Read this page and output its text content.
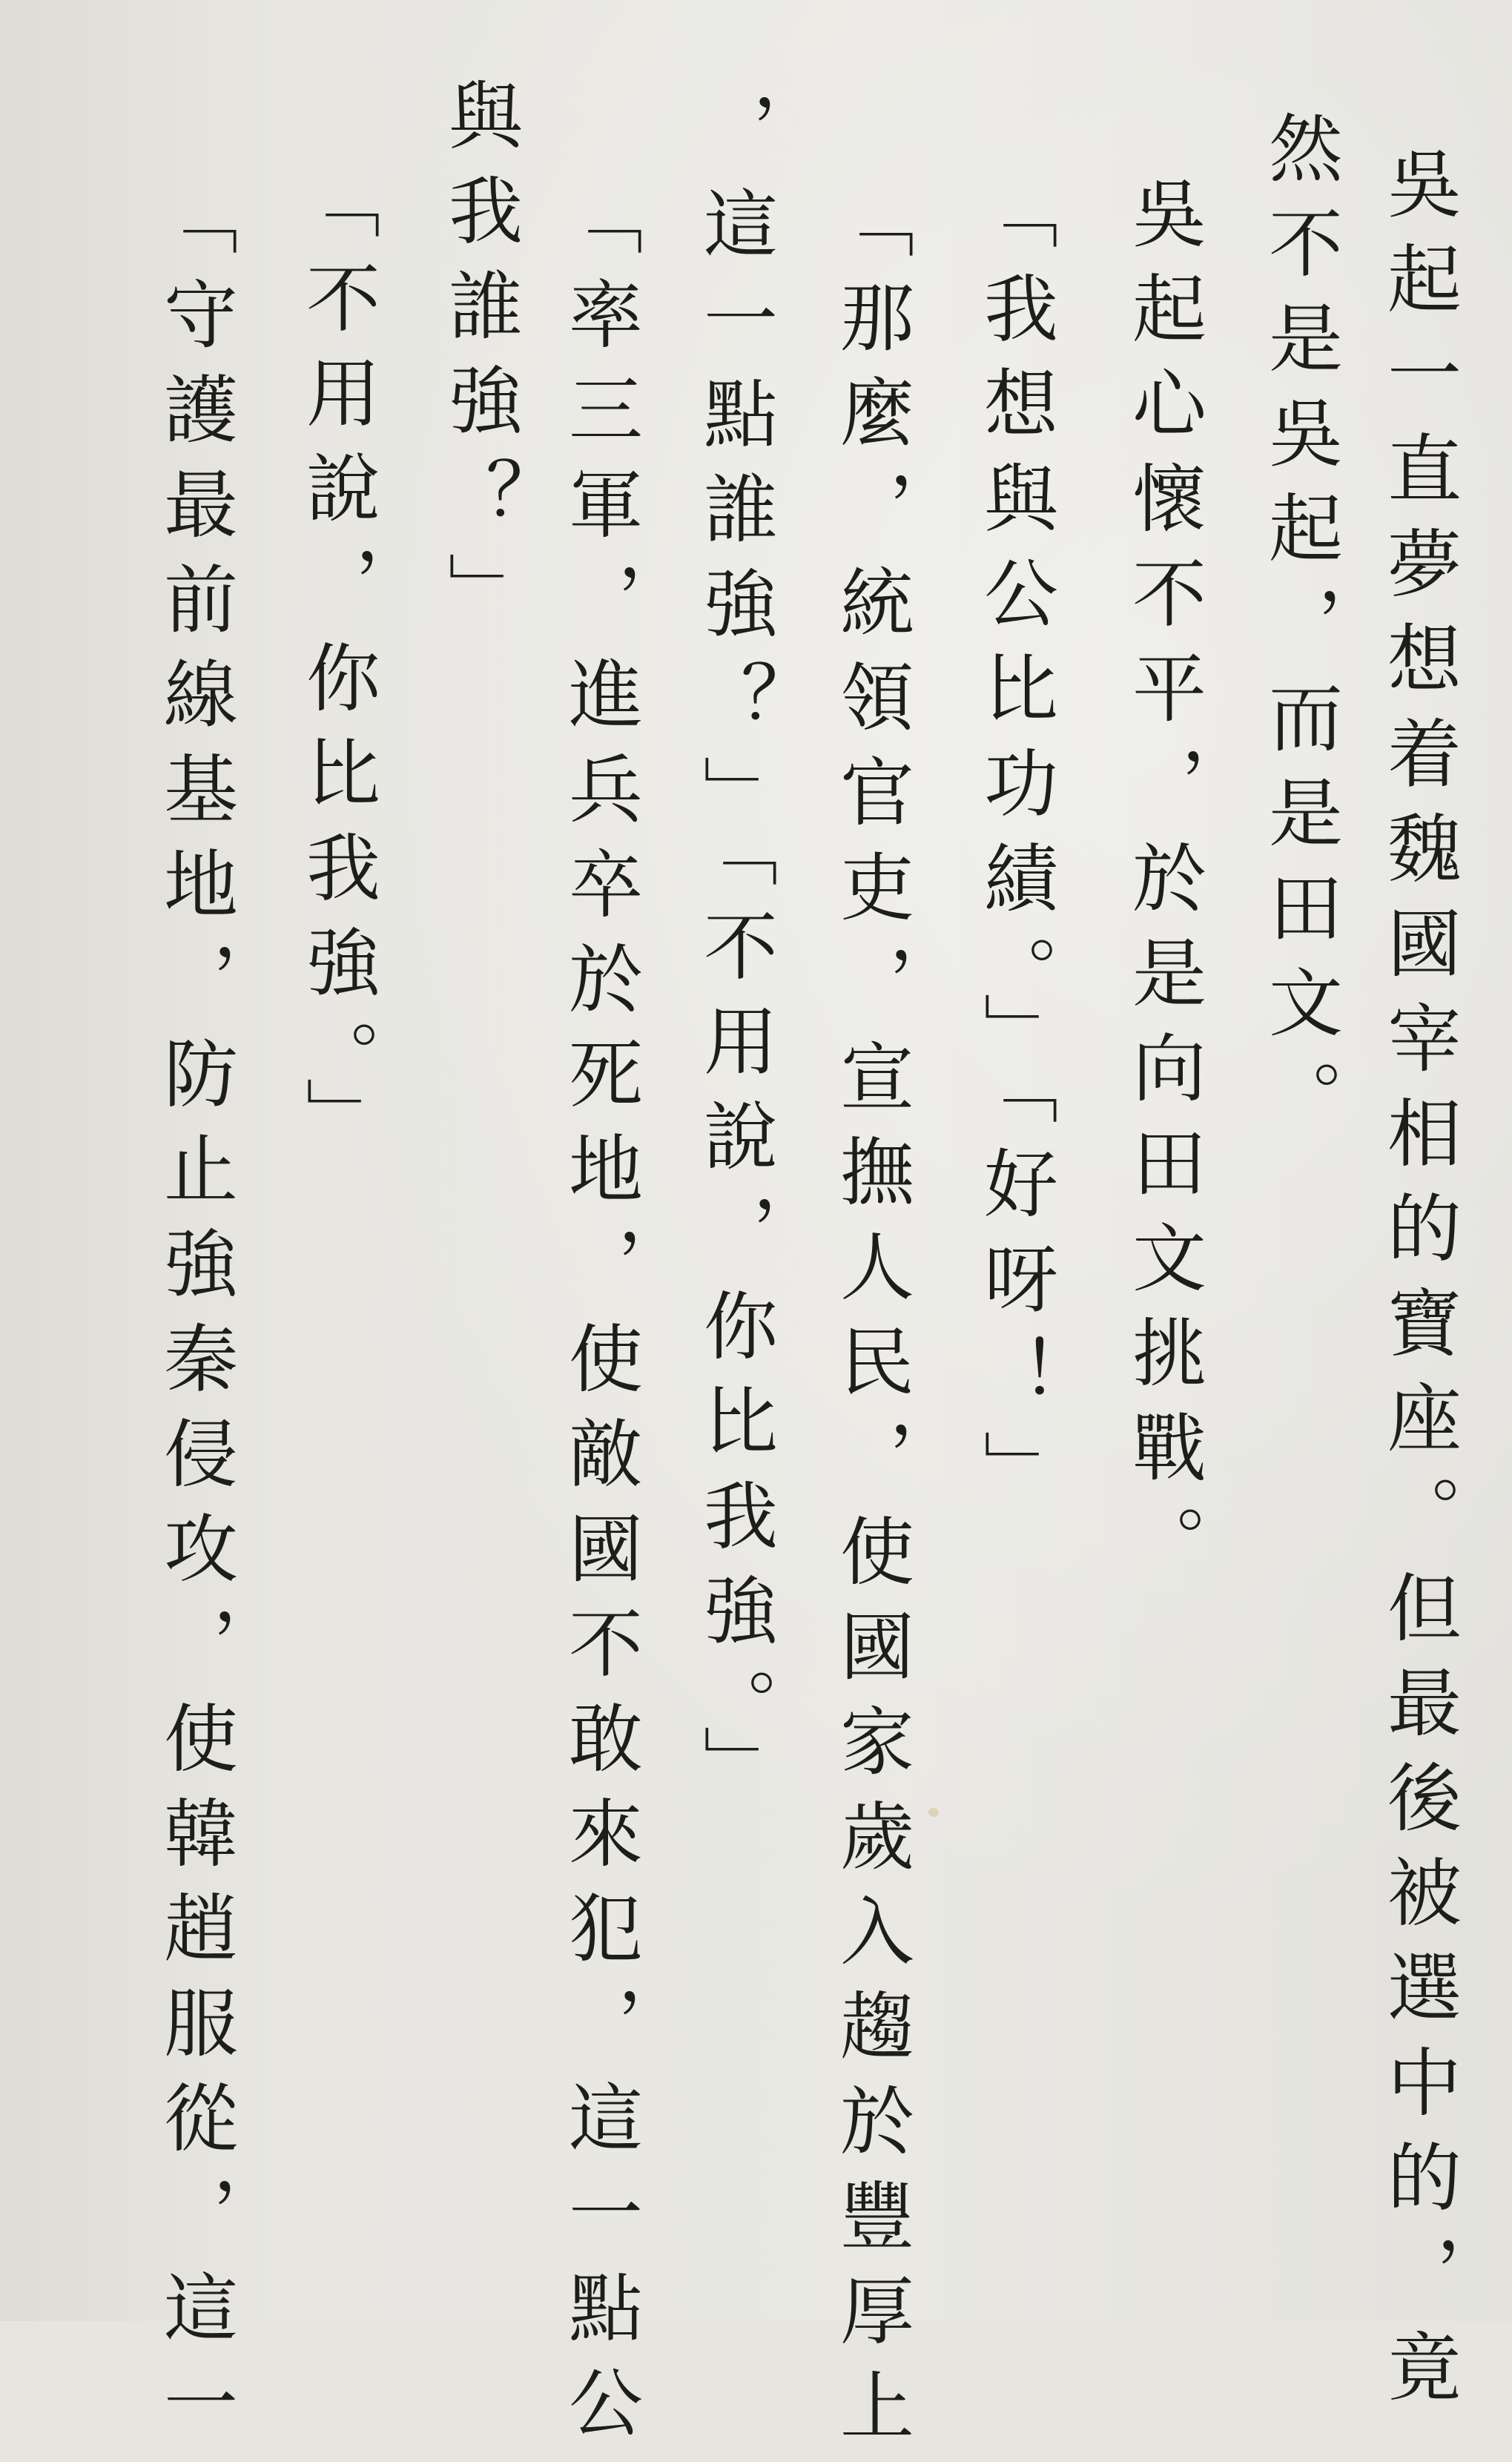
吳起一直夢想着魏國宰相的寶座。但最後被選中的，竟

然不是吳起，而是田文。

吳起心懷不平，於是向田文挑戰。

「我想與公比功績。」「好呀！」

「那麼，統領官吏，宣撫人民，使國家歲入趨於豐厚上

，這一點誰強？」「不用說，你比我強。」

「率三軍，進兵卒於死地，使敵國不敢來犯，這一點公

與我誰強？」

「不用說，你比我強。」

「守護最前線基地，防止強秦侵攻，使韓趙服從，這一
